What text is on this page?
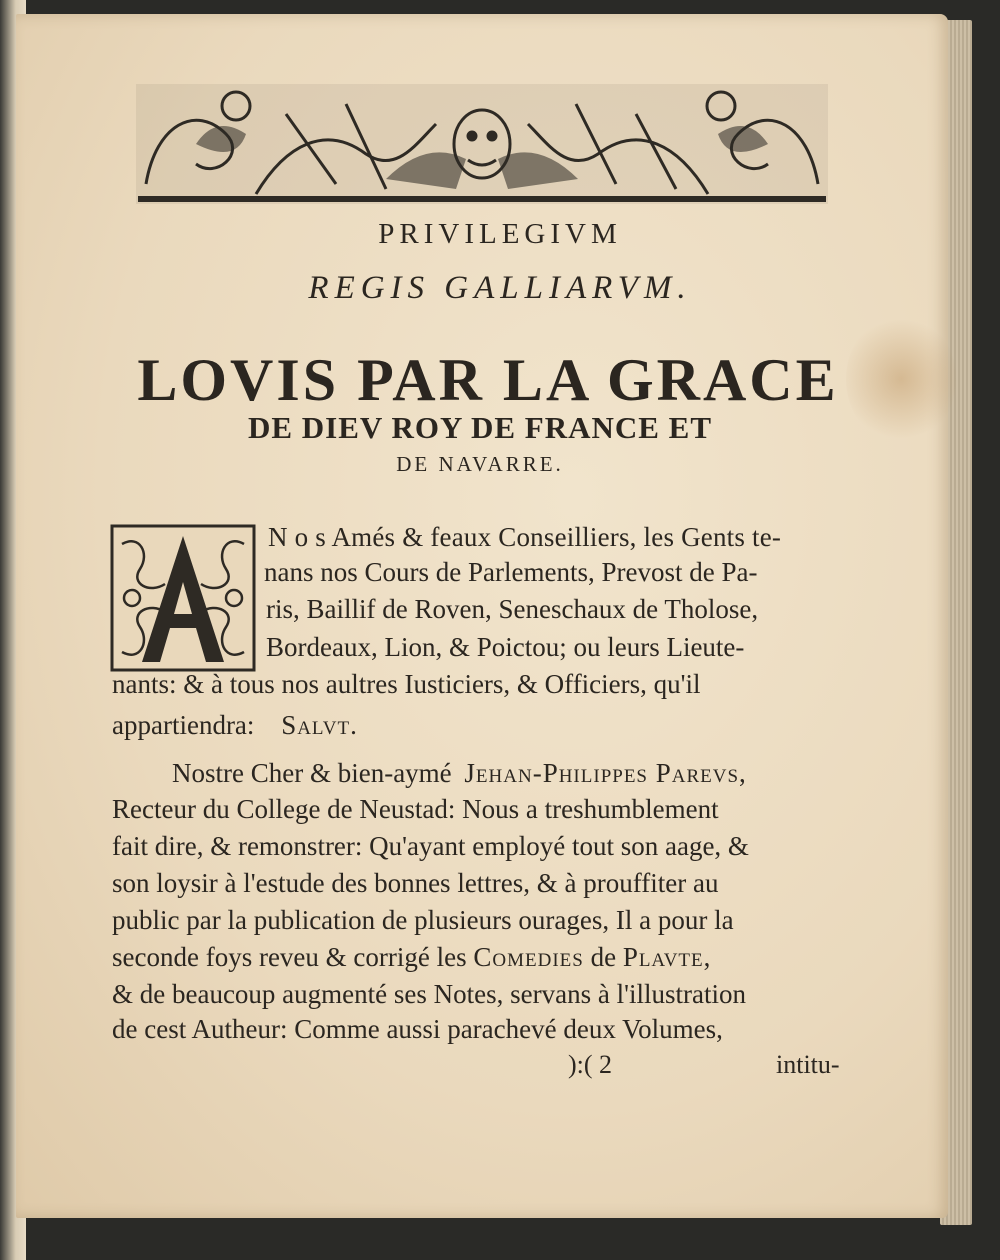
PRIVILEGIVM
REGIS GALLIARVM.
LOVIS PAR LA GRACE
DE DIEV ROY DE FRANCE ET
DE NAVARRE.
N o s Amés & feaux Conseilliers, les Gents te-
nans nos Cours de Parlements, Prevost de Pa-
ris, Baillif de Roven, Seneschaux de Tholose,
Bordeaux, Lion, & Poictou; ou leurs Lieute-
nants: & à tous nos aultres Iusticiers, & Officiers, qu'il
appartiendra: Salvt.
Nostre Cher & bien-aymé Jehan-Philippes Parevs,
Recteur du College de Neustad: Nous a treshumblement
fait dire, & remonstrer: Qu'ayant employé tout son aage, &
son loysir à l'estude des bonnes lettres, & à prouffiter au
public par la publication de plusieurs ourages, Il a pour la
seconde foys reveu & corrigé les Comedies de Plavte,
& de beaucoup augmenté ses Notes, servans à l'illustration
de cest Autheur: Comme aussi parachevé deux Volumes,
):( 2	intitu-
